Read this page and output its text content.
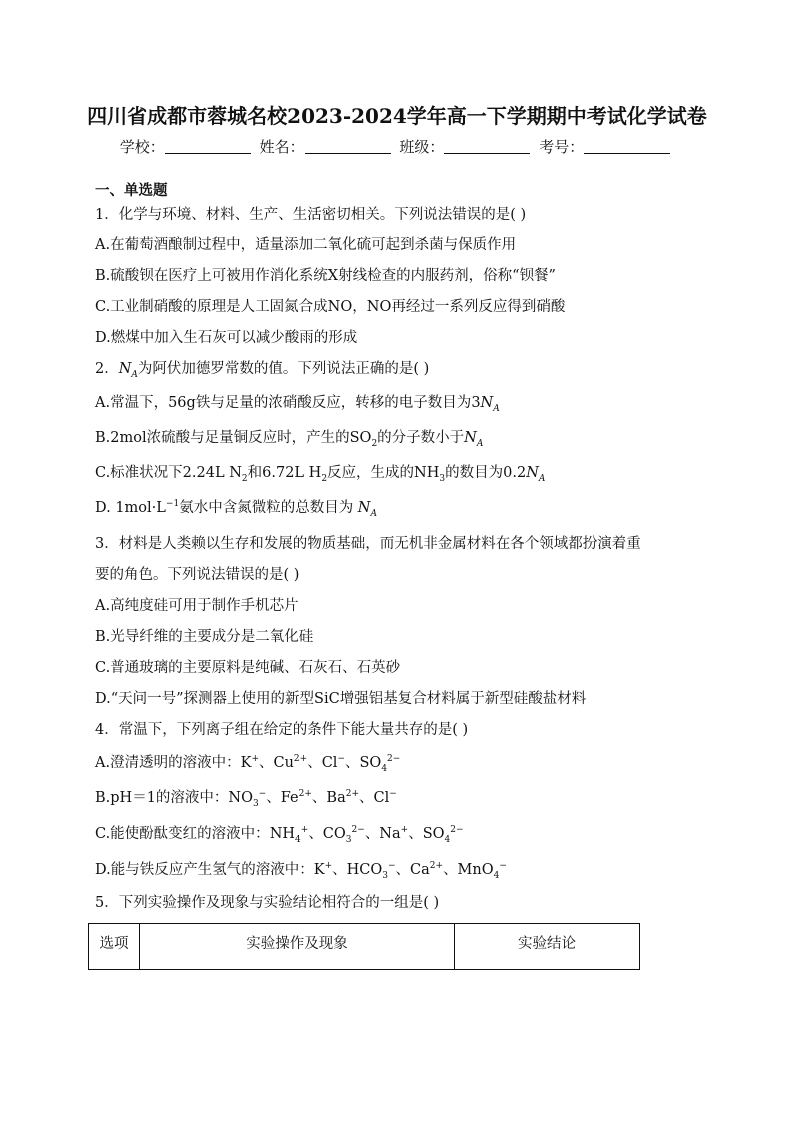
四川省成都市蓉城名校2023-2024学年高一下学期期中考试化学试卷
学校：	姓名：	班级：	考号：
一、单选题
1．化学与环境、材料、生产、生活密切相关。下列说法错误的是( )
A.在葡萄酒酿制过程中，适量添加二氧化硫可起到杀菌与保质作用
B.硫酸钡在医疗上可被用作消化系统X射线检查的内服药剂，俗称“钡餐”
C.工业制硝酸的原理是人工固氮合成NO，NO再经过一系列反应得到硝酸
D.燃煤中加入生石灰可以减少酸雨的形成
2．$N_A$为阿伏加德罗常数的值。下列说法正确的是( )
A.常温下，56g铁与足量的浓硝酸反应，转移的电子数目为$3N_A$
B.2mol浓硫酸与足量铜反应时，产生的$SO_2$的分子数小于$N_A$
C.标准状况下2.24L $N_2$和6.72L $H_2$反应，生成的$NH_3$的数目为$0.2N_A$
D. $1mol\cdot L^{-1}$氨水中含氮微粒的总数目为 $N_A$
3．材料是人类赖以生存和发展的物质基础，而无机非金属材料在各个领域都扮演着重
要的角色。下列说法错误的是( )
A.高纯度硅可用于制作手机芯片
B.光导纤维的主要成分是二氧化硅
C.普通玻璃的主要原料是纯碱、石灰石、石英砂
D.“天问一号”探测器上使用的新型SiC增强铝基复合材料属于新型硅酸盐材料
4．常温下，下列离子组在给定的条件下能大量共存的是( )
A.澄清透明的溶液中：K+、$Cu^{2+}$、Cl−、$SO_4^{2-}$
B.pH＝1的溶液中：$NO_3^-$、$Fe^{2+}$、$Ba^{2+}$、Cl−
C.能使酚酞变红的溶液中：$NH_4^+$、$CO_3^{2-}$、Na+、$SO_4^{2-}$
D.能与铁反应产生氢气的溶液中：K+、$HCO_3^-$、$Ca^{2+}$、MnO$_4$−
5．下列实验操作及现象与实验结论相符合的一组是( )
选项	实验操作及现象	实验结论
